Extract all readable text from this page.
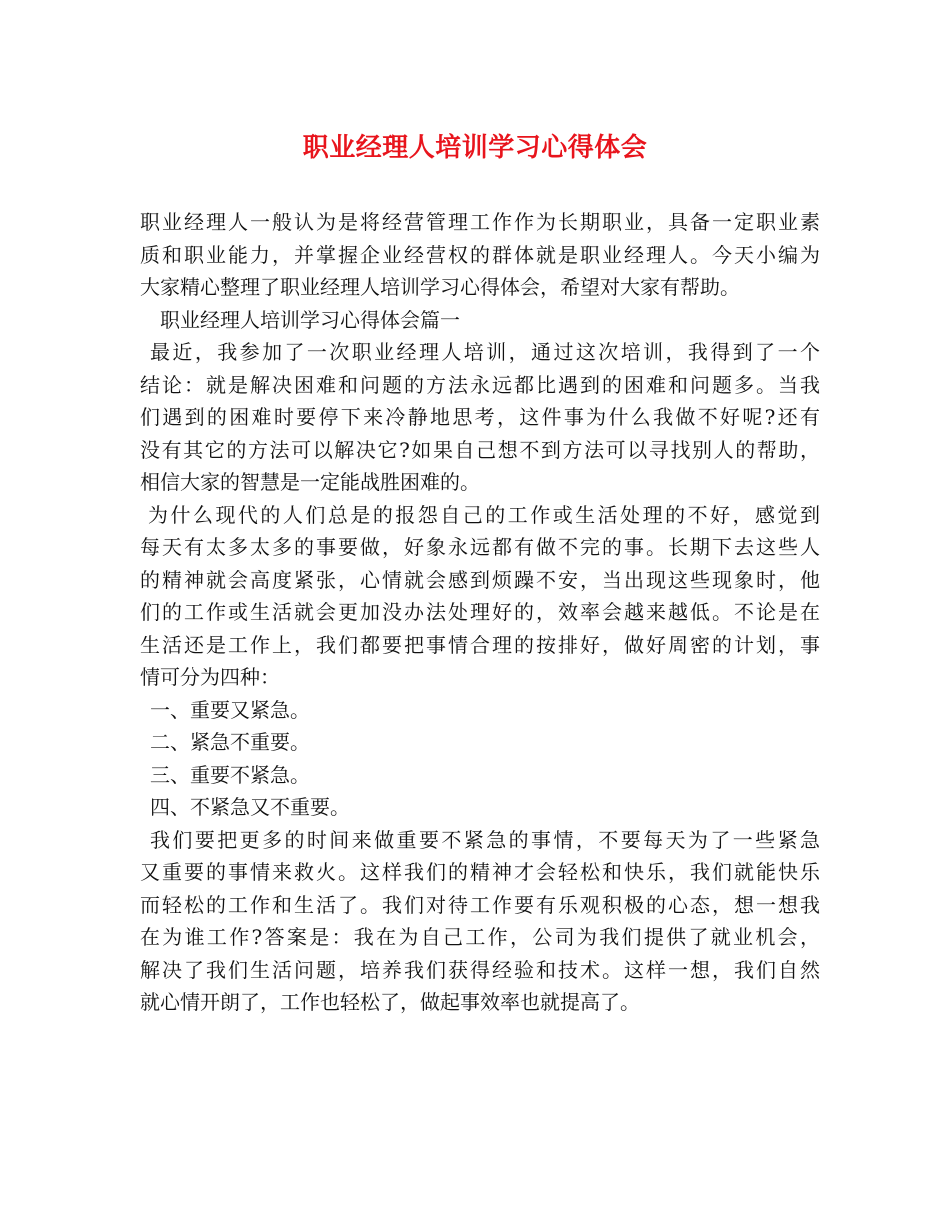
职业经理人培训学习心得体会
职业经理人一般认为是将经营管理工作作为长期职业，具备一定职业素
质和职业能力，并掌握企业经营权的群体就是职业经理人。今天小编为
大家精心整理了职业经理人培训学习心得体会，希望对大家有帮助。
职业经理人培训学习心得体会篇一
最近，我参加了一次职业经理人培训，通过这次培训，我得到了一个
结论：就是解决困难和问题的方法永远都比遇到的困难和问题多。当我
们遇到的困难时要停下来冷静地思考，这件事为什么我做不好呢?还有
没有其它的方法可以解决它?如果自己想不到方法可以寻找别人的帮助，
相信大家的智慧是一定能战胜困难的。
为什么现代的人们总是的报怨自己的工作或生活处理的不好，感觉到
每天有太多太多的事要做，好象永远都有做不完的事。长期下去这些人
的精神就会高度紧张，心情就会感到烦躁不安，当出现这些现象时，他
们的工作或生活就会更加没办法处理好的，效率会越来越低。不论是在
生活还是工作上，我们都要把事情合理的按排好，做好周密的计划，事
情可分为四种：
一、重要又紧急。
二、紧急不重要。
三、重要不紧急。
四、不紧急又不重要。
我们要把更多的时间来做重要不紧急的事情，不要每天为了一些紧急
又重要的事情来救火。这样我们的精神才会轻松和快乐，我们就能快乐
而轻松的工作和生活了。我们对待工作要有乐观积极的心态，想一想我
在为谁工作?答案是：我在为自己工作，公司为我们提供了就业机会，
解决了我们生活问题，培养我们获得经验和技术。这样一想，我们自然
就心情开朗了，工作也轻松了，做起事效率也就提高了。
